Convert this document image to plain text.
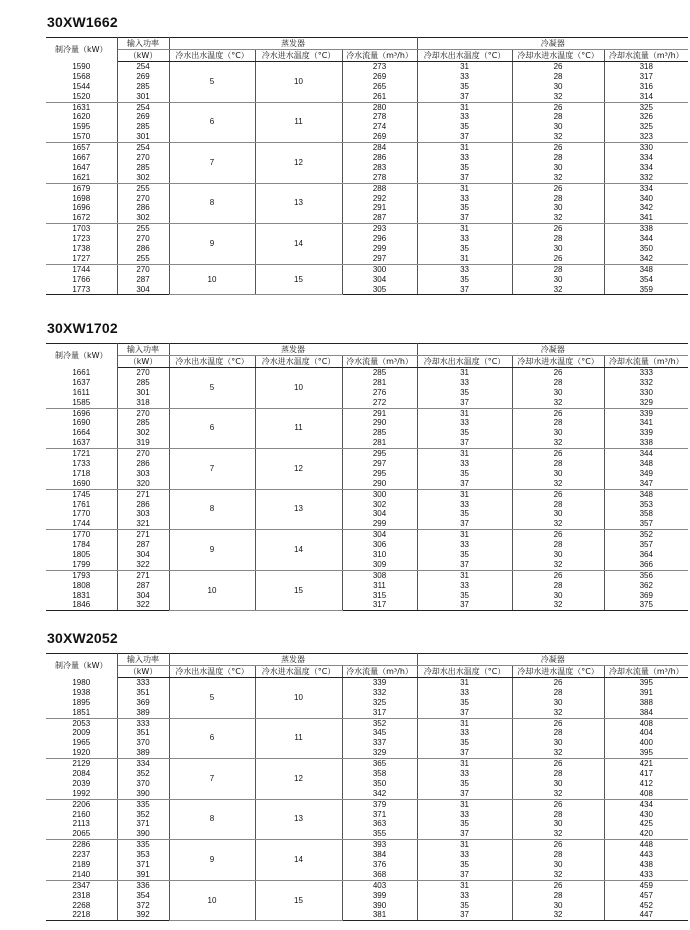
30XW1662
制冷量（kW）	输入功率	蒸发器			冷凝器		
	（kW）	冷水出水温度（°C）	冷水进水温度（°C）	冷水流量（m³/h）	冷却水出水温度（°C）	冷却水进水温度（°C）	冷却水流量（m³/h）
1590	254	5	10	273	31	26	318
1568	269			269	33	28	317
1544	285			265	35	30	316
1520	301			261	37	32	314
1631	254	6	11	280	31	26	325
1620	269			278	33	28	326
1595	285			274	35	30	325
1570	301			269	37	32	323
1657	254	7	12	284	31	26	330
1667	270			286	33	28	334
1647	285			283	35	30	334
1621	302			278	37	32	332
1679	255	8	13	288	31	26	334
1698	270			292	33	28	340
1696	286			291	35	30	342
1672	302			287	37	32	341
1703	255	9	14	293	31	26	338
1723	270			296	33	28	344
1738	286			299	35	30	350
1727	255			297	31	26	342
1744	270	10	15	300	33	28	348
1766	287			304	35	30	354
1773	304			305	37	32	359
30XW1702
制冷量（kW）	输入功率	蒸发器			冷凝器		
	（kW）	冷水出水温度（°C）	冷水进水温度（°C）	冷水流量（m³/h）	冷却水出水温度（°C）	冷却水进水温度（°C）	冷却水流量（m³/h）
1661	270	5	10	285	31	26	333
1637	285			281	33	28	332
1611	301			276	35	30	330
1585	318			272	37	32	329
1696	270	6	11	291	31	26	339
1690	285			290	33	28	341
1664	302			285	35	30	339
1637	319			281	37	32	338
1721	270	7	12	295	31	26	344
1733	286			297	33	28	348
1718	303			295	35	30	349
1690	320			290	37	32	347
1745	271	8	13	300	31	26	348
1761	286			302	33	28	353
1770	303			304	35	30	358
1744	321			299	37	32	357
1770	271	9	14	304	31	26	352
1784	287			306	33	28	357
1805	304			310	35	30	364
1799	322			309	37	32	366
1793	271	10	15	308	31	26	356
1808	287			311	33	28	362
1831	304			315	35	30	369
1846	322			317	37	32	375
30XW2052
制冷量（kW）	输入功率	蒸发器			冷凝器		
	（kW）	冷水出水温度（°C）	冷水进水温度（°C）	冷水流量（m³/h）	冷却水出水温度（°C）	冷却水进水温度（°C）	冷却水流量（m³/h）
1980	333	5	10	339	31	26	395
1938	351			332	33	28	391
1895	369			325	35	30	388
1851	389			317	37	32	384
2053	333	6	11	352	31	26	408
2009	351			345	33	28	404
1965	370			337	35	30	400
1920	389			329	37	32	395
2129	334	7	12	365	31	26	421
2084	352			358	33	28	417
2039	370			350	35	30	412
1992	390			342	37	32	408
2206	335	8	13	379	31	26	434
2160	352			371	33	28	430
2113	371			363	35	30	425
2065	390			355	37	32	420
2286	335	9	14	393	31	26	448
2237	353			384	33	28	443
2189	371			376	35	30	438
2140	391			368	37	32	433
2347	336	10	15	403	31	26	459
2318	354			399	33	28	457
2268	372			390	35	30	452
2218	392			381	37	32	447
